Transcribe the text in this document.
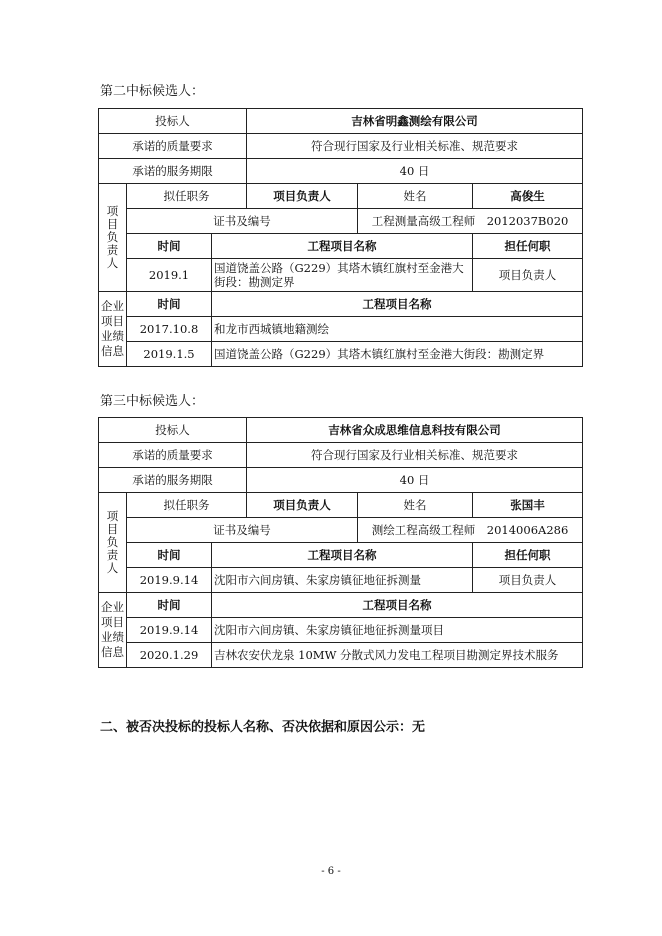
第二中标候选人：
第三中标候选人：
投标人			吉林省明鑫测绘有限公司		
承诺的质量要求			符合现行国家及行业相关标准、规范要求		
承诺的服务期限			40 日		
项目负责人	拟任职务		项目负责人	姓名	高俊生
	证书及编号			工程测量高级工程师　2012037B020	
	时间	工程项目名称			担任何职
	2019.1	国道饶盖公路（G229）其塔木镇红旗村至金港大街段：勘测定界			项目负责人
企业项目业绩信息	时间	工程项目名称			
	2017.10.8	和龙市西城镇地籍测绘			
	2019.1.5	国道饶盖公路（G229）其塔木镇红旗村至金港大街段：勘测定界			
投标人			吉林省众成思维信息科技有限公司		
承诺的质量要求			符合现行国家及行业相关标准、规范要求		
承诺的服务期限			40 日		
项目负责人	拟任职务		项目负责人	姓名	张国丰
	证书及编号			测绘工程高级工程师　2014006A286	
	时间	工程项目名称			担任何职
	2019.9.14	沈阳市六间房镇、朱家房镇征地征拆测量			项目负责人
企业项目业绩信息	时间	工程项目名称			
	2019.9.14	沈阳市六间房镇、朱家房镇征地征拆测量项目			
	2020.1.29	吉林农安伏龙泉 10MW 分散式风力发电工程项目勘测定界技术服务			
二、被否决投标的投标人名称、否决依据和原因公示：无
- 6 -
